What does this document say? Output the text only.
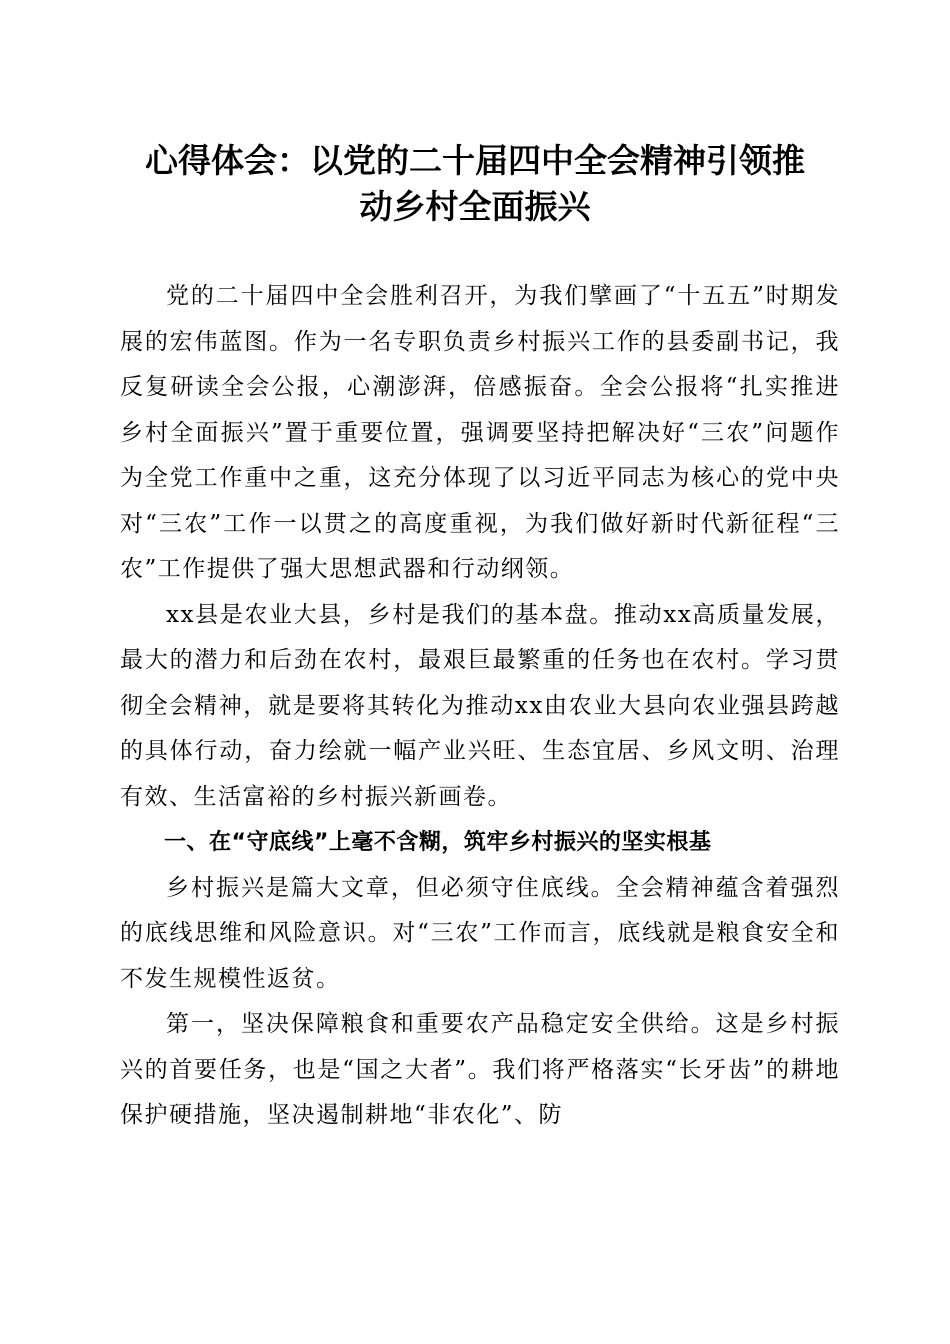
心得体会：以党的二十届四中全会精神引领推
动乡村全面振兴

党的二十届四中全会胜利召开，为我们擘画了“十五五”时期发展的宏伟蓝图。作为一名专职负责乡村振兴工作的县委副书记，我反复研读全会公报，心潮澎湃，倍感振奋。全会公报将“扎实推进乡村全面振兴”置于重要位置，强调要坚持把解决好“三农”问题作为全党工作重中之重，这充分体现了以习近平同志为核心的党中央对“三农”工作一以贯之的高度重视，为我们做好新时代新征程“三农”工作提供了强大思想武器和行动纲领。

xx县是农业大县，乡村是我们的基本盘。推动xx高质量发展，最大的潜力和后劲在农村，最艰巨最繁重的任务也在农村。学习贯彻全会精神，就是要将其转化为推动xx由农业大县向农业强县跨越的具体行动，奋力绘就一幅产业兴旺、生态宜居、乡风文明、治理有效、生活富裕的乡村振兴新画卷。

一、在“守底线”上毫不含糊，筑牢乡村振兴的坚实根基

乡村振兴是篇大文章，但必须守住底线。全会精神蕴含着强烈的底线思维和风险意识。对“三农”工作而言，底线就是粮食安全和不发生规模性返贫。

第一，坚决保障粮食和重要农产品稳定安全供给。这是乡村振兴的首要任务，也是“国之大者”。我们将严格落实“长牙齿”的耕地保护硬措施，坚决遏制耕地“非农化”、防
